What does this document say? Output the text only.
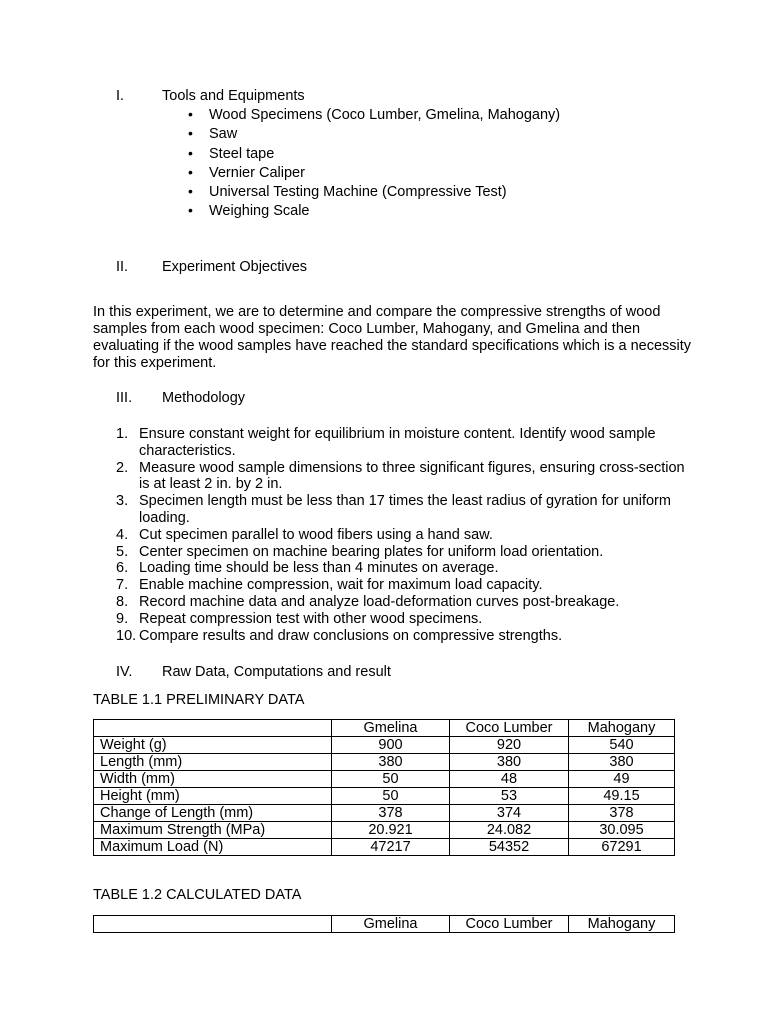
I.	Tools and Equipments
• Wood Specimens (Coco Lumber, Gmelina, Mahogany)
• Saw
• Steel tape
• Vernier Caliper
• Universal Testing Machine (Compressive Test)
• Weighing Scale
II. Experiment Objectives
In this experiment, we are to determine and compare the compressive strengths of wood samples from each wood specimen: Coco Lumber, Mahogany, and Gmelina and then evaluating if the wood samples have reached the standard specifications which is a necessity for this experiment.
III. Methodology
1. Ensure constant weight for equilibrium in moisture content. Identify wood sample characteristics.
2. Measure wood sample dimensions to three significant figures, ensuring cross-section is at least 2 in. by 2 in.
3. Specimen length must be less than 17 times the least radius of gyration for uniform loading.
4. Cut specimen parallel to wood fibers using a hand saw.
5. Center specimen on machine bearing plates for uniform load orientation.
6. Loading time should be less than 4 minutes on average.
7. Enable machine compression, wait for maximum load capacity.
8. Record machine data and analyze load-deformation curves post-breakage.
9. Repeat compression test with other wood specimens.
10. Compare results and draw conclusions on compressive strengths.
IV. Raw Data, Computations and result
TABLE 1.1 PRELIMINARY DATA
	Gmelina	Coco Lumber	Mahogany
Weight (g)	900	920	540
Length (mm)	380	380	380
Width (mm)	50	48	49
Height (mm)	50	53	49.15
Change of Length (mm)	378	374	378
Maximum Strength (MPa)	20.921	24.082	30.095
Maximum Load (N)	47217	54352	67291
TABLE 1.2 CALCULATED DATA
	Gmelina	Coco Lumber	Mahogany
